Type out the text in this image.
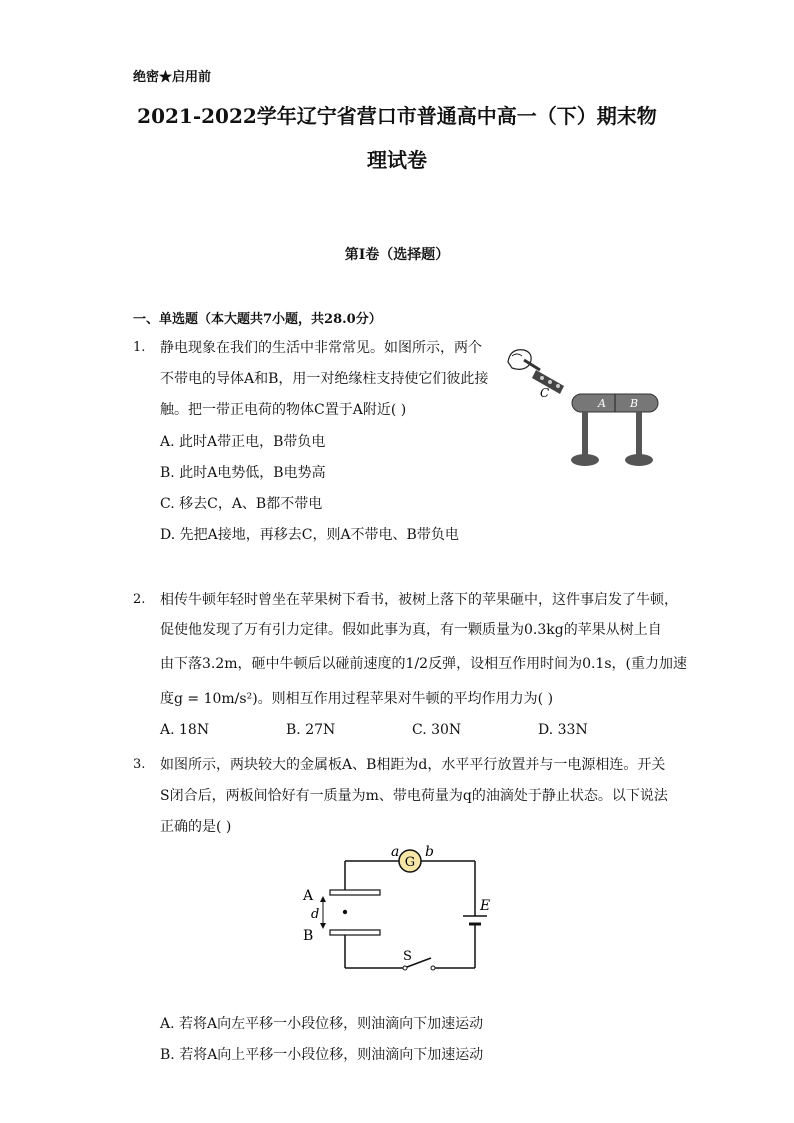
绝密★启用前
2021-2022学年辽宁省营口市普通高中高一（下）期末物
理试卷
第I卷（选择题）
一、单选题（本大题共7小题，共28.0分）
1. 静电现象在我们的生活中非常常见。如图所示，两个
不带电的导体A和B，用一对绝缘柱支持使它们彼此接
触。把一带正电荷的物体C置于A附近( )
A. 此时A带正电，B带负电
B. 此时A电势低，B电势高
C. 移去C，A、B都不带电
D. 先把A接地，再移去C，则A不带电、B带负电
C
A B
2. 相传牛顿年轻时曾坐在苹果树下看书，被树上落下的苹果砸中，这件事启发了牛顿，
促使他发现了万有引力定律。假如此事为真，有一颗质量为0.3kg的苹果从树上自
由下落3.2m，砸中牛顿后以碰前速度的1/2反弹，设相互作用时间为0.1s，(重力加速
度g = 10m/s²)。则相互作用过程苹果对牛顿的平均作用力为( )
A. 18N	B. 27N	C. 30N	D. 33N
3. 如图所示，两块较大的金属板A、B相距为d，水平平行放置并与一电源相连。开关
S闭合后，两板间恰好有一质量为m、带电荷量为q的油滴处于静止状态。以下说法
正确的是( )
G
a b
A
B
d
E
S
A. 若将A向左平移一小段位移，则油滴向下加速运动
B. 若将A向上平移一小段位移，则油滴向下加速运动
